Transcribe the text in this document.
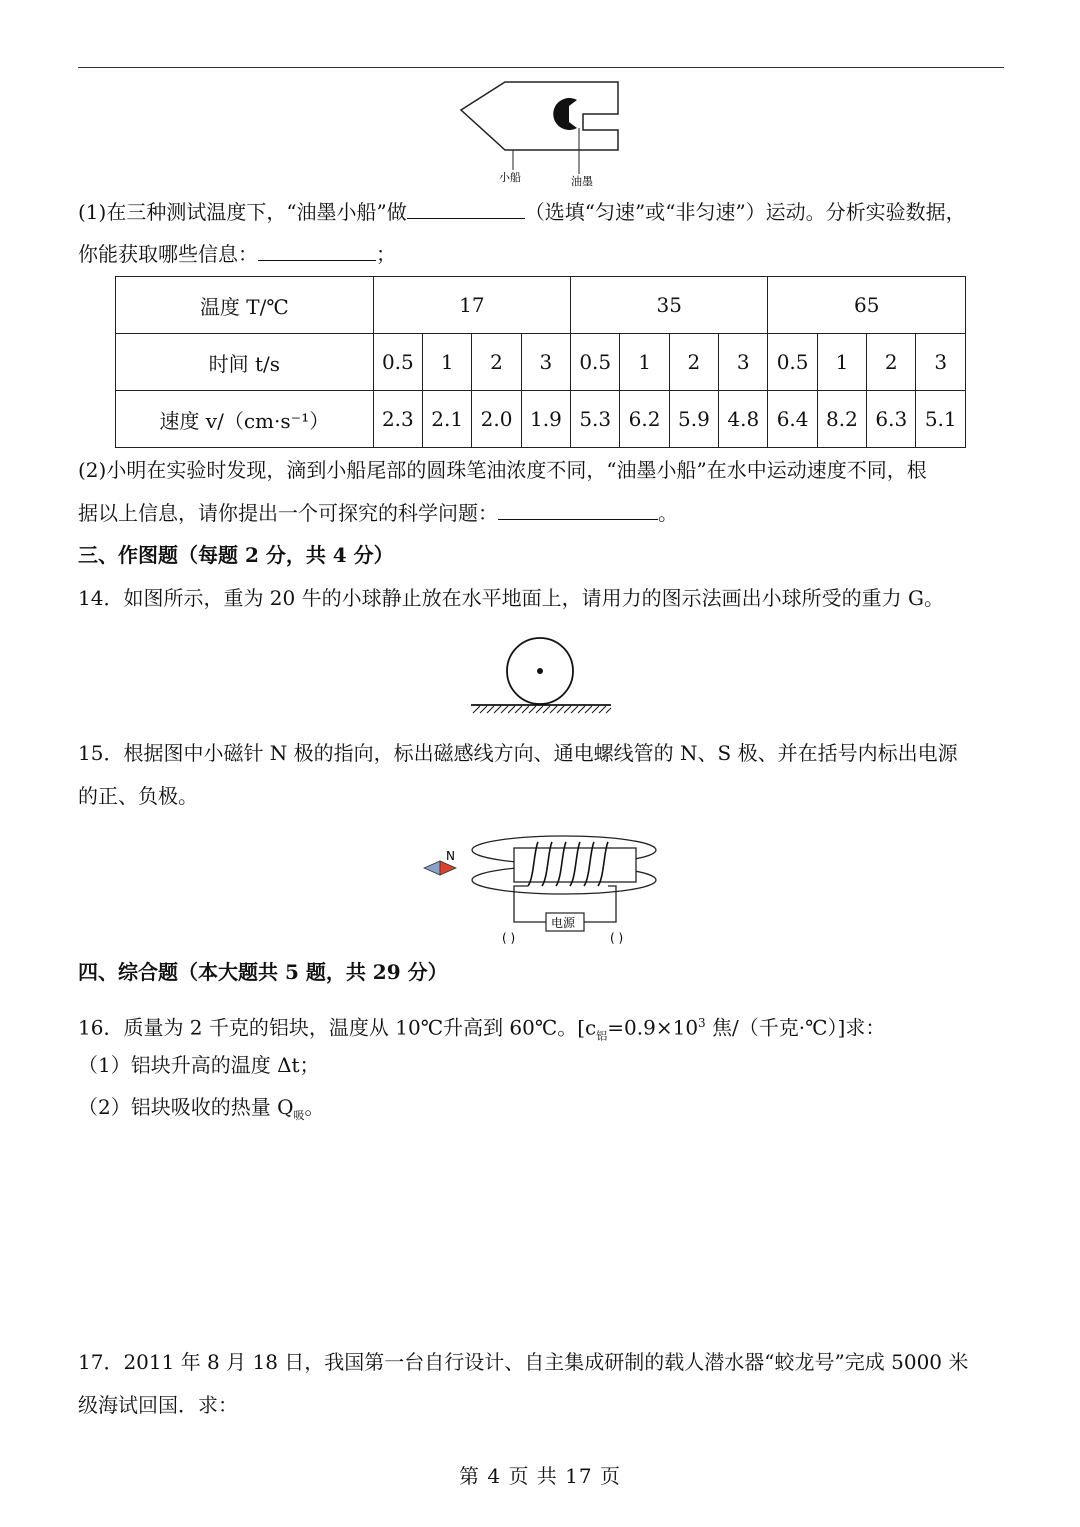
小船	油墨
(1)在三种测试温度下，“油墨小船”做	（选填“匀速”或“非匀速”）运动。分析实验数据，
你能获取哪些信息：	；
温度 T/℃	17				35				65			
时间 t/s	0.5	1	2	3	0.5	1	2	3	0.5	1	2	3
速度 v/（cm·s⁻¹）	2.3	2.1	2.0	1.9	5.3	6.2	5.9	4.8	6.4	8.2	6.3	5.1
(2)小明在实验时发现，滴到小船尾部的圆珠笔油浓度不同，“油墨小船”在水中运动速度不同，根
据以上信息，请你提出一个可探究的科学问题：	。
三、作图题（每题 2 分，共 4 分）
14．如图所示，重为 20 牛的小球静止放在水平地面上，请用力的图示法画出小球所受的重力 G。
15．根据图中小磁针 N 极的指向，标出磁感线方向、通电螺线管的 N、S 极、并在括号内标出电源
的正、负极。
N
电源
( )	( )
四、综合题（本大题共 5 题，共 29 分）
16．质量为 2 千克的铝块，温度从 10℃升高到 60℃。[$c_铝=0.9\times 10^3$ 焦/（千克·℃）]求：
（1）铝块升高的温度 Δt；
（2）铝块吸收的热量 $Q_吸$。
17．2011 年 8 月 18 日，我国第一台自行设计、自主集成研制的载人潜水器“蛟龙号”完成 5000 米
级海试回国．求：
第 4 页 共 17 页
